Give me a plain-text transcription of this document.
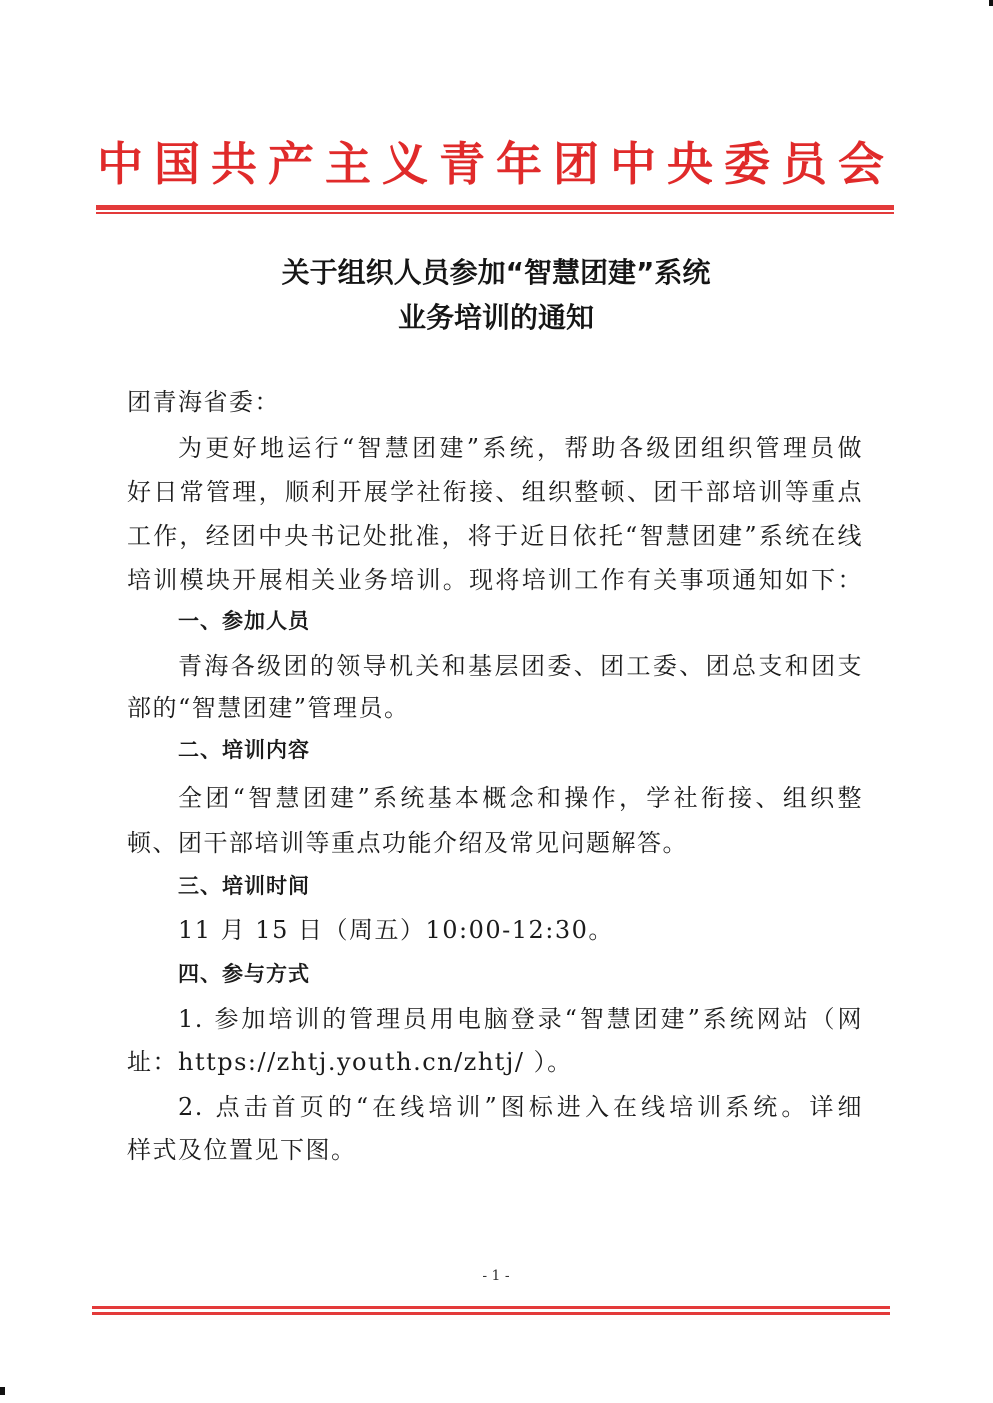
中国共产主义青年团中央委员会
关于组织人员参加“智慧团建”系统
业务培训的通知
团青海省委：
为更好地运行“智慧团建”系统，帮助各级团组织管理员做
好日常管理，顺利开展学社衔接、组织整顿、团干部培训等重点
工作，经团中央书记处批准，将于近日依托“智慧团建”系统在线
培训模块开展相关业务培训。现将培训工作有关事项通知如下：
一、参加人员
青海各级团的领导机关和基层团委、团工委、团总支和团支
部的“智慧团建”管理员。
二、培训内容
全团“智慧团建”系统基本概念和操作，学社衔接、组织整
顿、团干部培训等重点功能介绍及常见问题解答。
三、培训时间
11 月 15 日（周五）10:00-12:30。
四、参与方式
1. 参加培训的管理员用电脑登录“智慧团建”系统网站（网
址：https://zhtj.youth.cn/zhtj/ ）。
2. 点击首页的“在线培训”图标进入在线培训系统。详细
样式及位置见下图。
- 1 -
